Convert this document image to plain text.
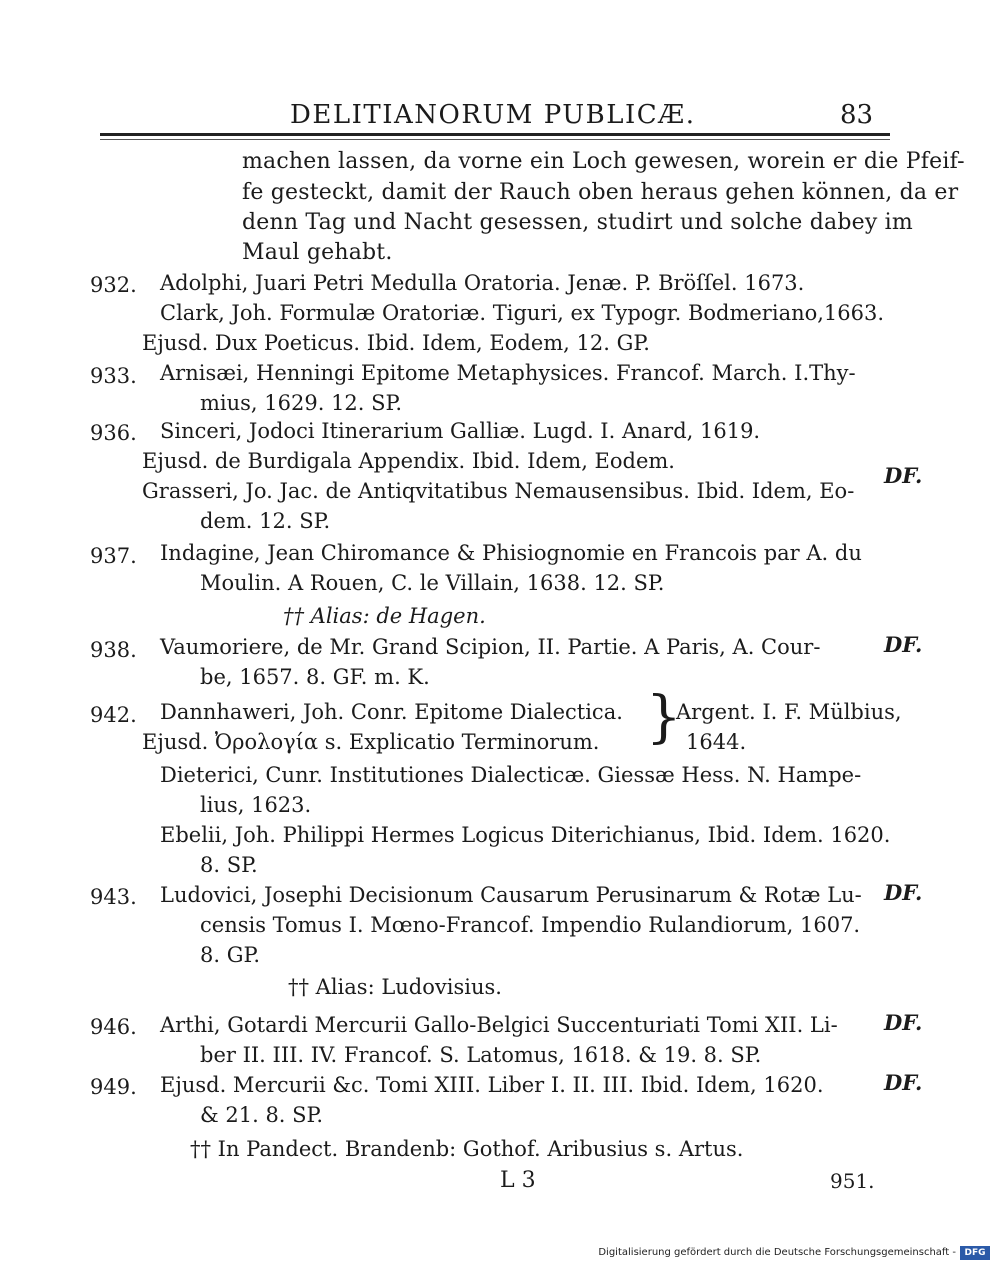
DELITIANORUM PUBLICÆ.	83
machen lassen, da vorne ein Loch gewesen, worein er die Pfeif-
fe gesteckt, damit der Rauch oben heraus gehen können, da er
denn Tag und Nacht gesessen, studirt und solche dabey im
Maul gehabt.
932. Adolphi, Juari Petri Medulla Oratoria. Jenæ. P. Bröſſel. 1673.
Clark, Joh. Formulæ Oratoriæ. Tiguri, ex Typogr. Bodmeriano,1663.
Ejusd. Dux Poeticus. Ibid. Idem, Eodem, 12. GP.
933. Arnisæi, Henningi Epitome Metaphysices. Francof. March. I.Thy-
mius, 1629. 12. SP.
936. Sinceri, Jodoci Itinerarium Galliæ. Lugd. I. Anard, 1619.
Ejusd. de Burdigala Appendix. Ibid. Idem, Eodem.
Grasseri, Jo. Jac. de Antiqvitatibus Nemausensibus. Ibid. Idem, Eo-
DF.
dem. 12. SP.
937. Indagine, Jean Chiromance & Phisiognomie en Francois par A. du
Moulin. A Rouen, C. le Villain, 1638. 12. SP.
†† Alias: de Hagen.
938. Vaumoriere, de Mr. Grand Scipion, II. Partie. A Paris, A. Cour-	DF.
be, 1657. 8. GF. m. K.
942. Dannhaweri, Joh. Conr. Epitome Dialectica. }
Argent. I. F. Mülbius,
Ejusd. Ὀρολογία s. Explicatio Terminorum.	1644.
Dieterici, Cunr. Institutiones Dialecticæ. Giessæ Hess. N. Hampe-
lius, 1623.
Ebelii, Joh. Philippi Hermes Logicus Diterichianus, Ibid. Idem. 1620.
8. SP.
943. Ludovici, Josephi Decisionum Causarum Perusinarum & Rotæ Lu- DF.
censis Tomus I. Mœno-Francof. Impendio Rulandiorum, 1607.
8. GP.
†† Alias: Ludovisius.
946. Arthi, Gotardi Mercurii Gallo-Belgici Succenturiati Tomi XII. Li- DF.
ber II. III. IV. Francof. S. Latomus, 1618. & 19. 8. SP.
949. Ejusd. Mercurii &c. Tomi XIII. Liber I. II. III. Ibid. Idem, 1620.	DF.
& 21. 8. SP.
†† In Pandect. Brandenb: Gothof. Aribusius s. Artus.
L 3	951.
Digitalisierung gefördert durch die Deutsche Forschungsgemeinschaft - DFG
